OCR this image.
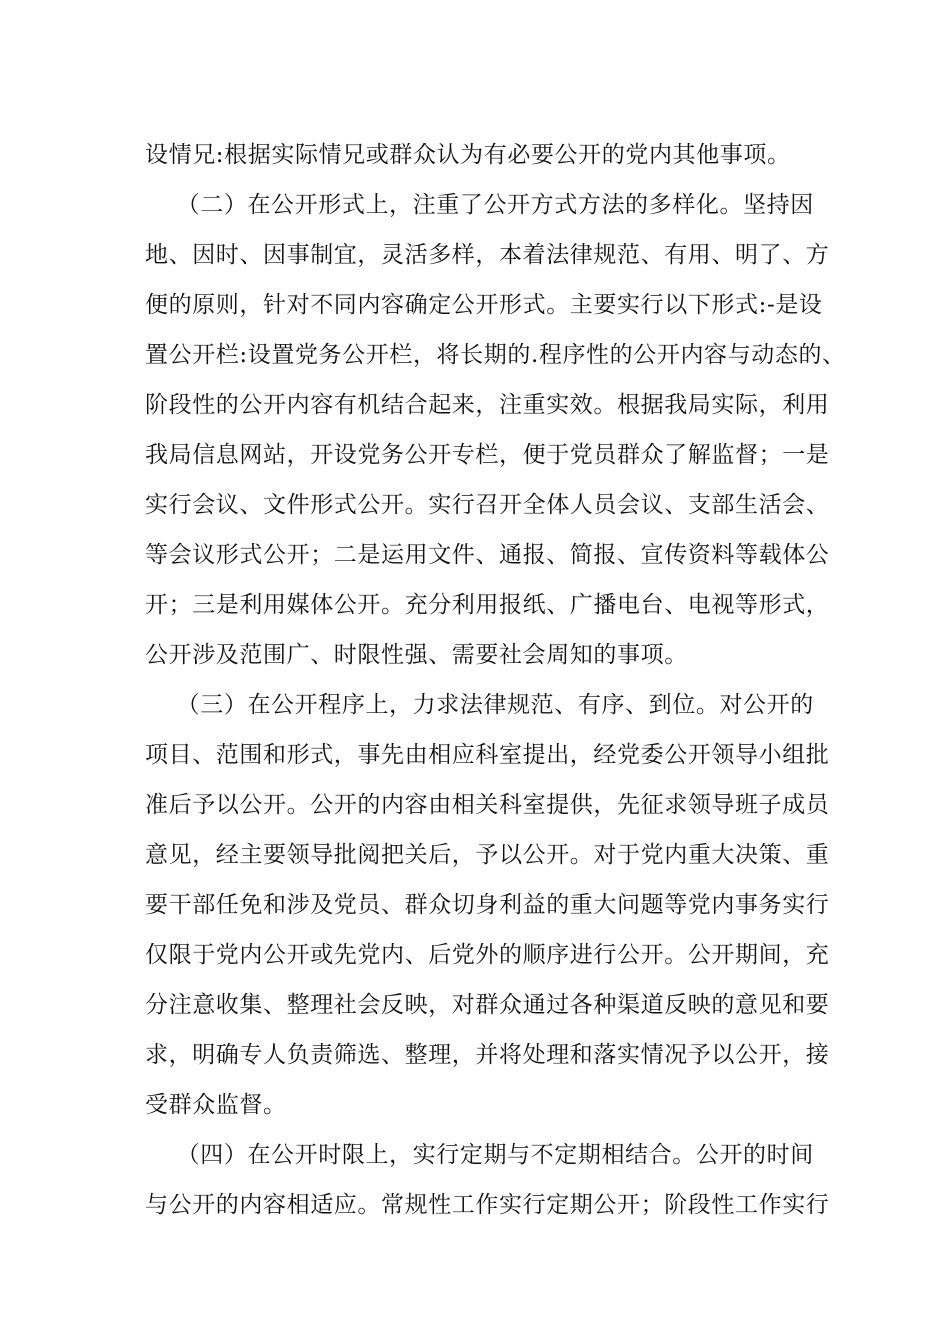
设情兄:根据实际情兄或群众认为有必要公开的党内其他事项。
（二）在公开形式上，注重了公开方式方法的多样化。坚持因
地、因时、因事制宜，灵活多样，本着法律规范、有用、明了、方
便的原则，针对不同内容确定公开形式。主要实行以下形式:-是设
置公开栏:设置党务公开栏，将长期的.程序性的公开内容与动态的、
阶段性的公开内容有机结合起来，注重实效。根据我局实际，利用
我局信息网站，开设党务公开专栏，便于党员群众了解监督；一是
实行会议、文件形式公开。实行召开全体人员会议、支部生活会、
等会议形式公开；二是运用文件、通报、简报、宣传资料等载体公
开；三是利用媒体公开。充分利用报纸、广播电台、电视等形式，
公开涉及范围广、时限性强、需要社会周知的事项。
（三）在公开程序上，力求法律规范、有序、到位。对公开的
项目、范围和形式，事先由相应科室提出，经党委公开领导小组批
准后予以公开。公开的内容由相关科室提供，先征求领导班子成员
意见，经主要领导批阅把关后，予以公开。对于党内重大决策、重
要干部任免和涉及党员、群众切身利益的重大问题等党内事务实行
仅限于党内公开或先党内、后党外的顺序进行公开。公开期间，充
分注意收集、整理社会反映，对群众通过各种渠道反映的意见和要
求，明确专人负责筛选、整理，并将处理和落实情况予以公开，接
受群众监督。
（四）在公开时限上，实行定期与不定期相结合。公开的时间
与公开的内容相适应。常规性工作实行定期公开；阶段性工作实行
